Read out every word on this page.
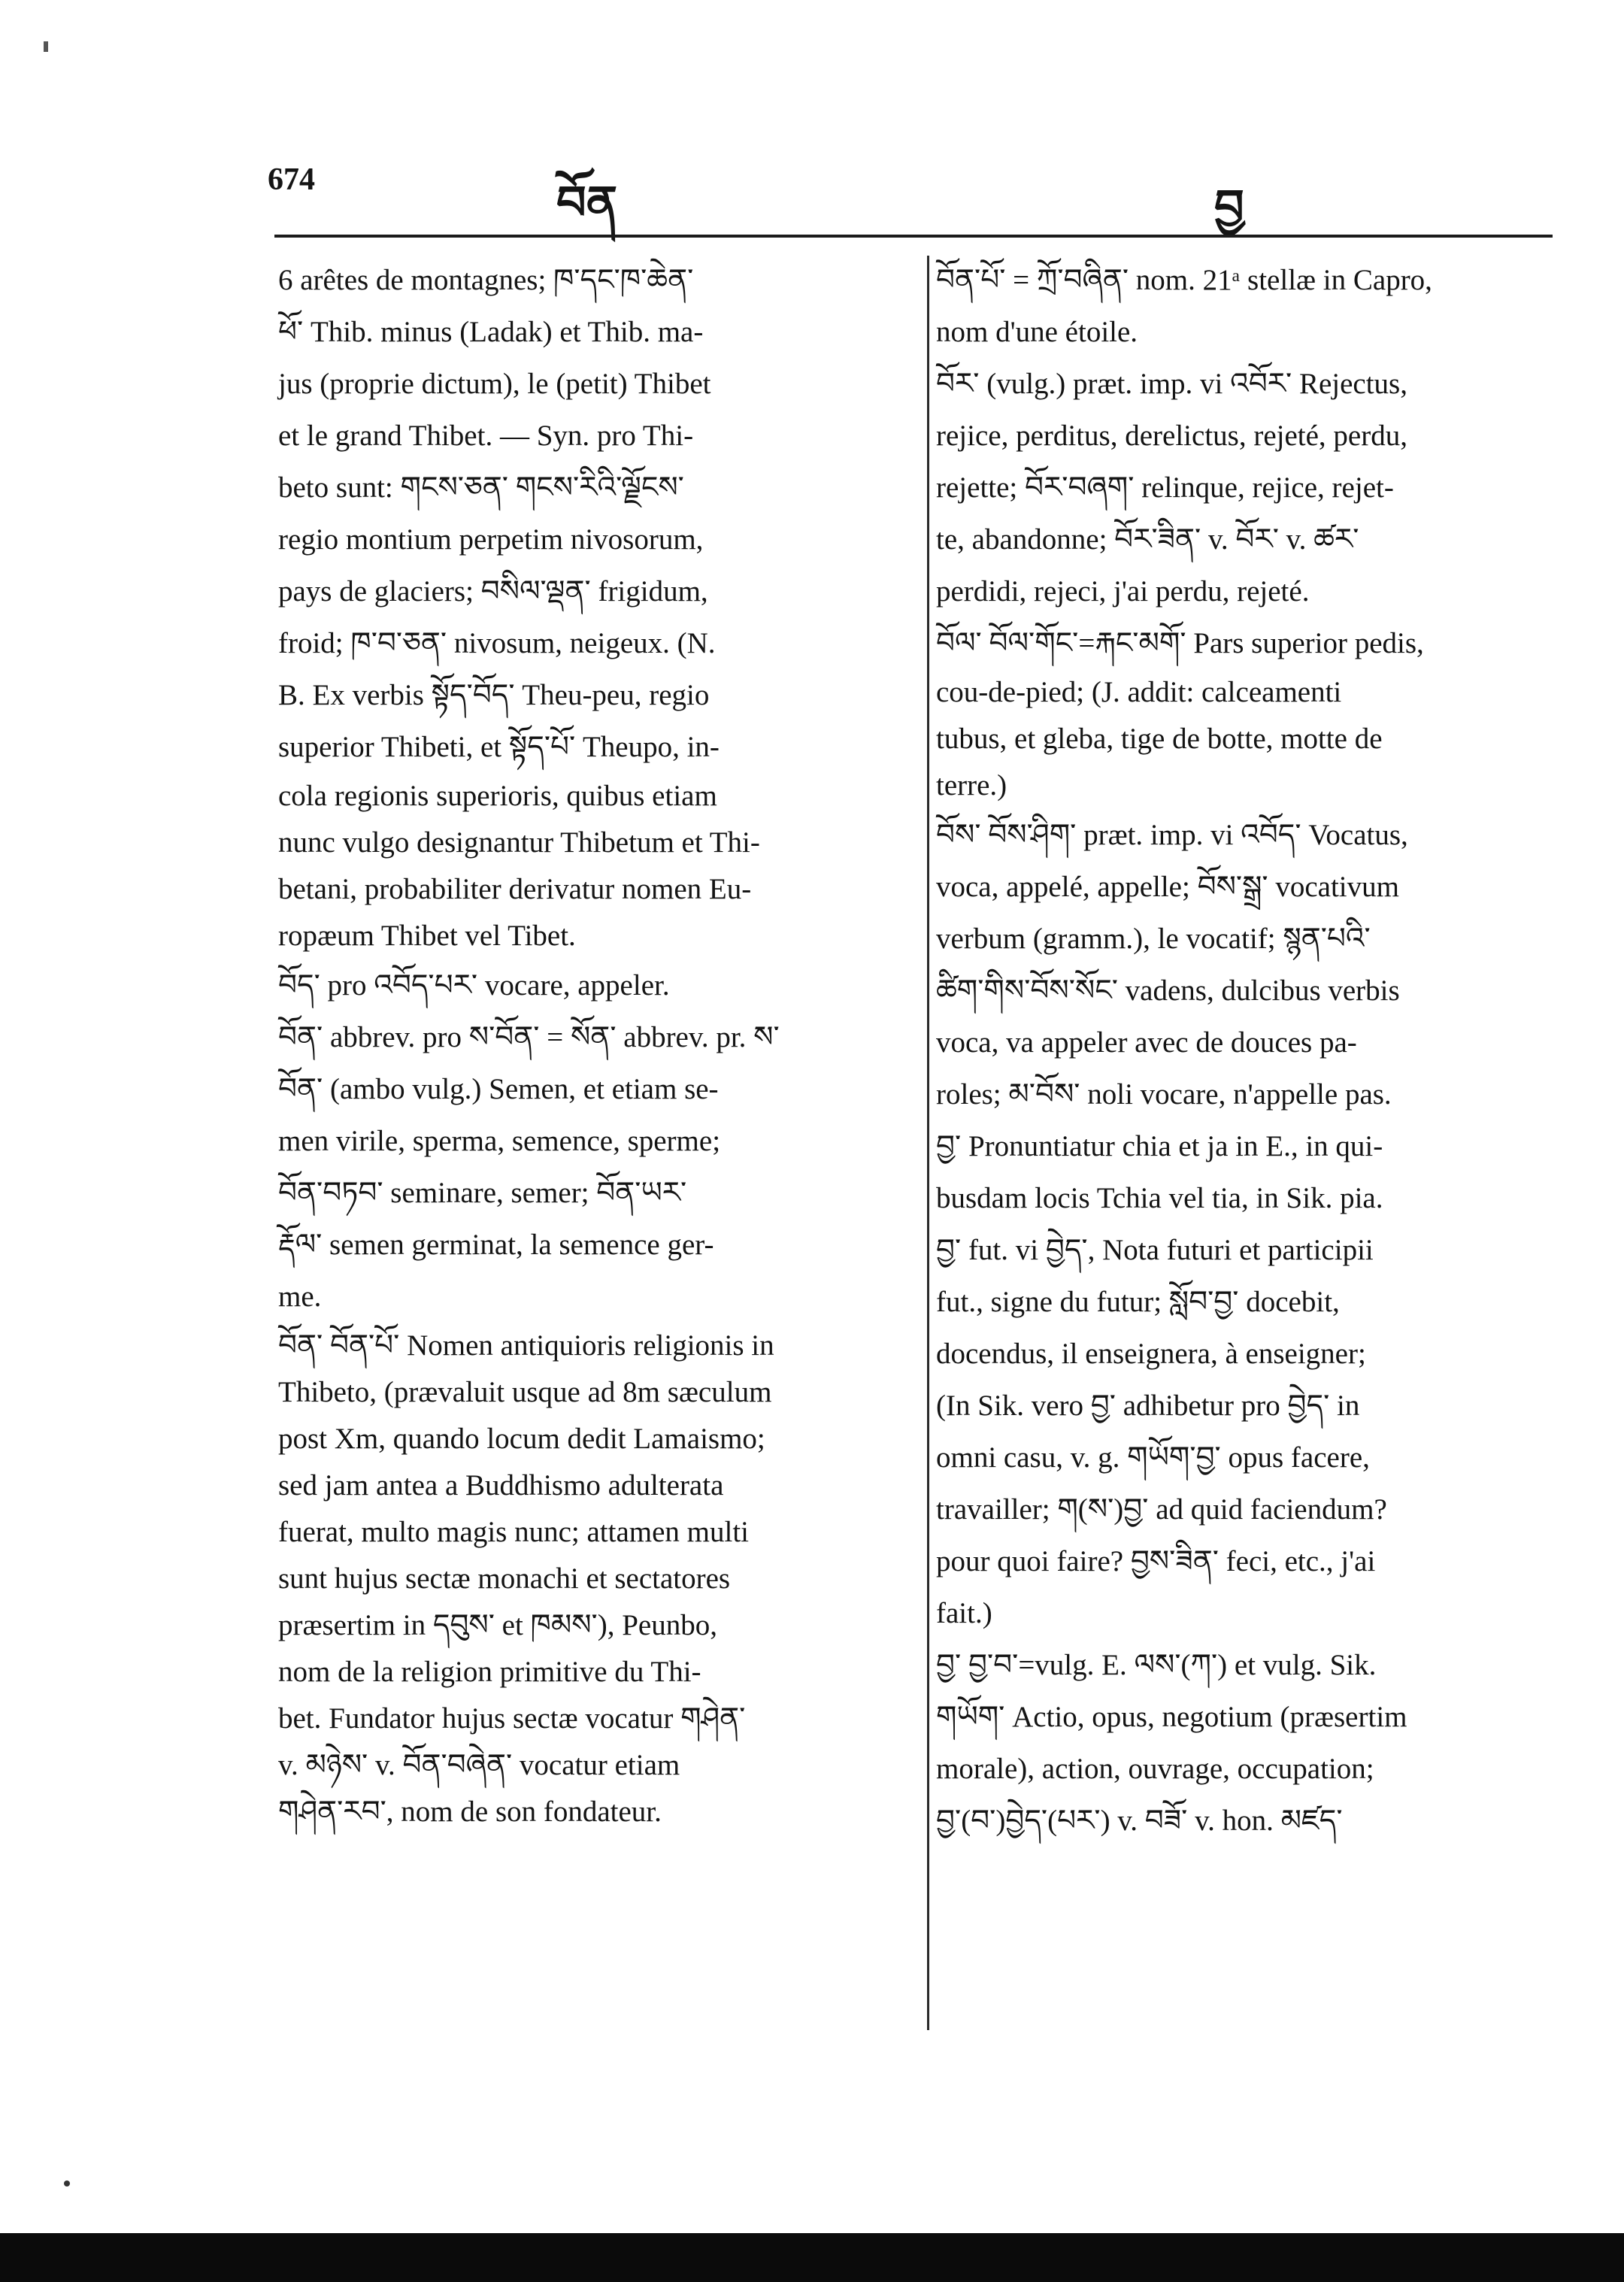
674	བོན	བྱ
6 arêtes de montagnes; ཁ་དང་ཁ་ཆེན་
ཕོ་ Thib. minus (Ladak) et Thib. ma-
jus (proprie dictum), le (petit) Thibet
et le grand Thibet. — Syn. pro Thi-
beto sunt: གངས་ཅན་ གངས་རིའི་ལྗོངས་
regio montium perpetim nivosorum,
pays de glaciers; བསིལ་ལྡན་ frigidum,
froid; ཁ་བ་ཅན་ nivosum, neigeux. (N.
B. Ex verbis སྟོད་བོད་ Theu-peu, regio
superior Thibeti, et སྟོད་པོ་ Theupo, in-
cola regionis superioris, quibus etiam
nunc vulgo designantur Thibetum et Thi-
betani, probabiliter derivatur nomen Eu-
ropæum Thibet vel Tibet.
བོད་ pro འབོད་པར་ vocare, appeler.
བོན་ abbrev. pro ས་བོན་ = སོན་ abbrev. pr. ས་
བོན་ (ambo vulg.) Semen, et etiam se-
men virile, sperma, semence, sperme;
བོན་བཏབ་ seminare, semer; བོན་ཡར་
རྡོལ་ semen germinat, la semence ger-
me.
བོན་ བོན་པོ་ Nomen antiquioris religionis in
Thibeto, (prævaluit usque ad 8m sæculum
post Xm, quando locum dedit Lamaismo;
sed jam antea a Buddhismo adulterata
fuerat, multo magis nunc; attamen multi
sunt hujus sectæ monachi et sectatores
præsertim in དབུས་ et ཁམས་), Peunbo,
nom de la religion primitive du Thi-
bet. Fundator hujus sectæ vocatur གཤེན་
v. མཉེས་ v. བོན་བཞེན་ vocatur etiam
གཤེན་རབ་, nom de son fondateur.
བོན་པོ་ = ཀྲོ་བཞིན་ nom. 21ᵃ stellæ in Capro,
nom d'une étoile.
བོར་ (vulg.) præt. imp. vi འབོར་ Rejectus,
rejice, perditus, derelictus, rejeté, perdu,
rejette; བོར་བཞག་ relinque, rejice, rejet-
te, abandonne; བོར་ཟིན་ v. བོར་ v. ཚར་
perdidi, rejeci, j'ai perdu, rejeté.
བོལ་ བོལ་གོང་=རྐང་མགོ་ Pars superior pedis,
cou-de-pied; (J. addit: calceamenti
tubus, et gleba, tige de botte, motte de
terre.)
བོས་ བོས་ཤིག་ præt. imp. vi འབོད་ Vocatus,
voca, appelé, appelle; བོས་སྒྲ་ vocativum
verbum (gramm.), le vocatif; སྙན་པའི་
ཚིག་གིས་བོས་སོང་ vadens, dulcibus verbis
voca, va appeler avec de douces pa-
roles; མ་བོས་ noli vocare, n'appelle pas.
བྱ་ Pronuntiatur chia et ja in E., in qui-
busdam locis Tchia vel tia, in Sik. pia.
བྱ་ fut. vi བྱེད་, Nota futuri et participii
fut., signe du futur; སློབ་བྱ་ docebit,
docendus, il enseignera, à enseigner;
(In Sik. vero བྱ་ adhibetur pro བྱེད་ in
omni casu, v. g. གཡོག་བྱ་ opus facere,
travailler; ག(ས་)བྱ་ ad quid faciendum?
pour quoi faire? བྱས་ཟིན་ feci, etc., j'ai
fait.)
བྱ་ བྱ་བ་=vulg. E. ལས་(ཀ་) et vulg. Sik.
གཡོག་ Actio, opus, negotium (præsertim
morale), action, ouvrage, occupation;
བྱ་(བ་)བྱེད་(པར་) v. བཟོ་ v. hon. མཛད་
